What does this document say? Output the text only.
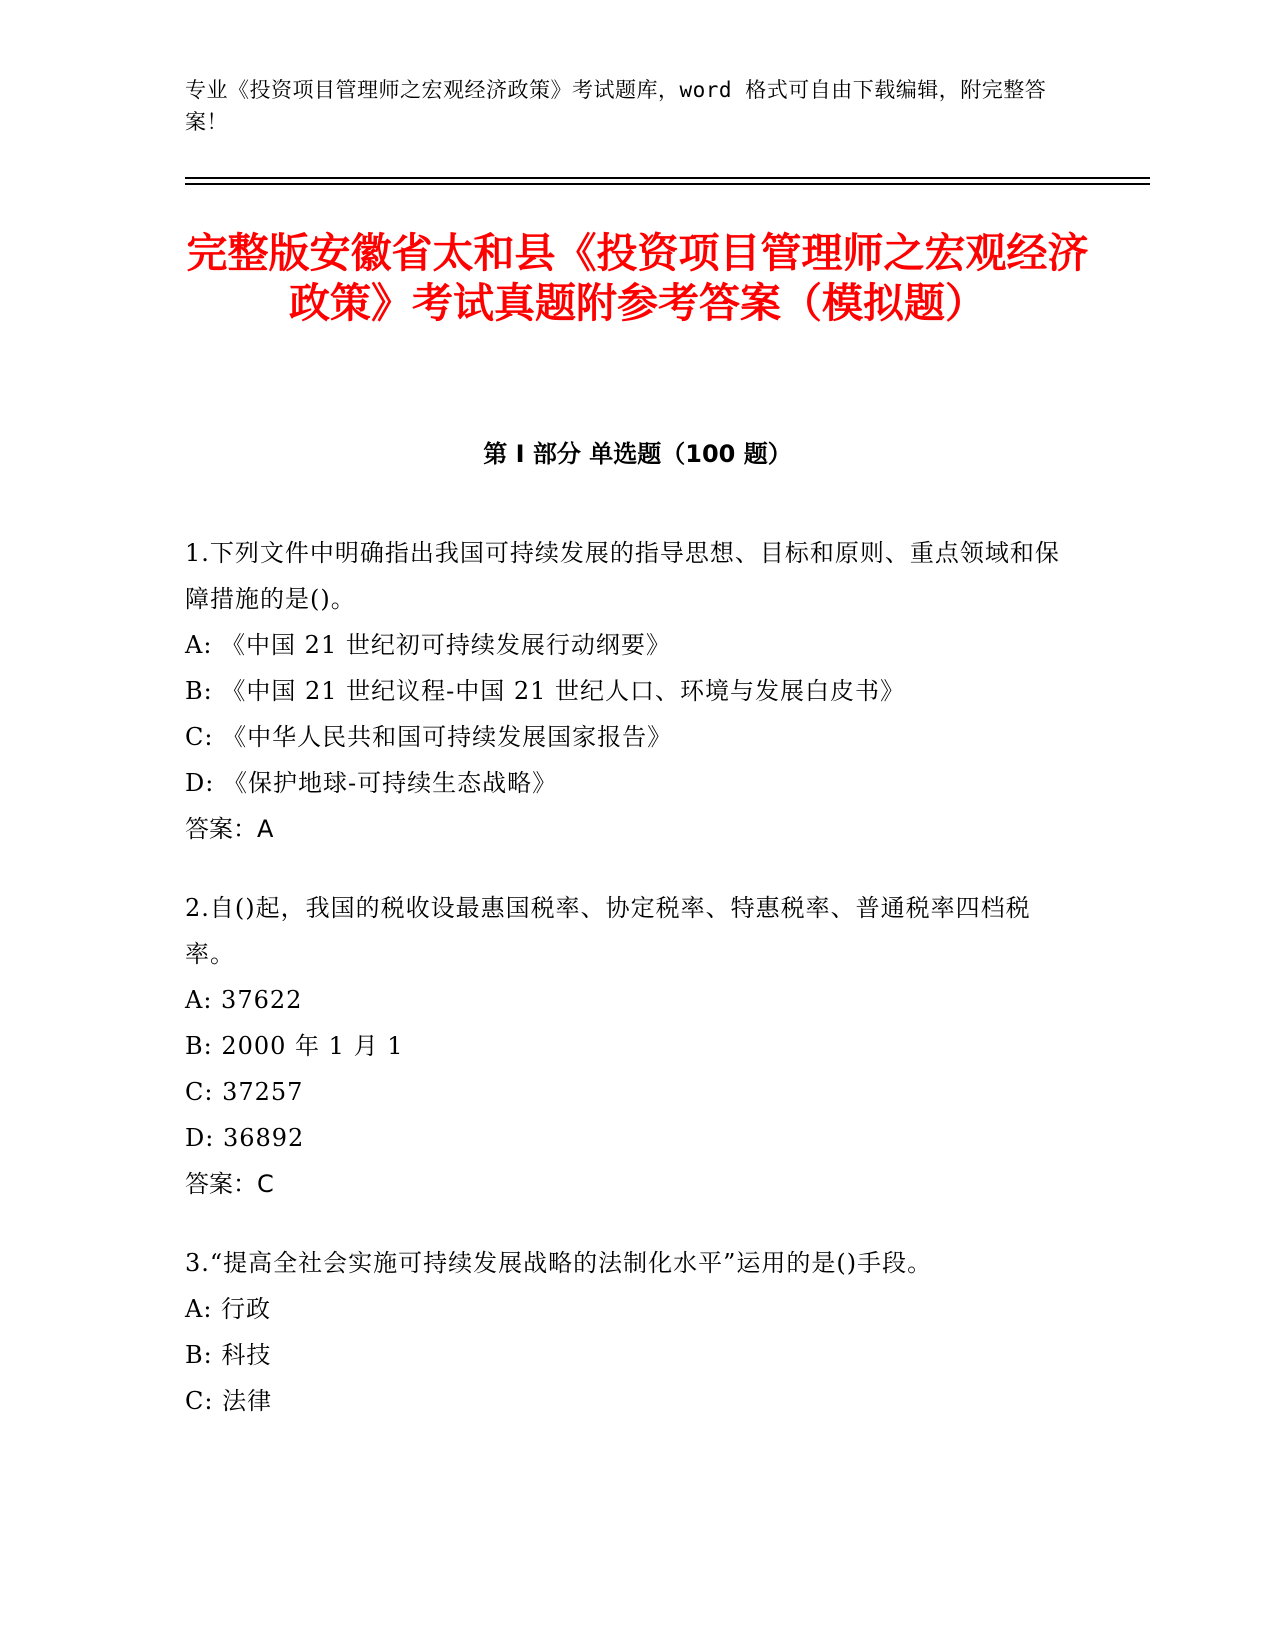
专业《投资项目管理师之宏观经济政策》考试题库，word 格式可自由下载编辑，附完整答案！
完整版安徽省太和县《投资项目管理师之宏观经济政策》考试真题附参考答案（模拟题）
第 I 部分 单选题（100 题）
1.下列文件中明确指出我国可持续发展的指导思想、目标和原则、重点领域和保障措施的是()。
A: 《中国 21 世纪初可持续发展行动纲要》
B: 《中国 21 世纪议程-中国 21 世纪人口、环境与发展白皮书》
C: 《中华人民共和国可持续发展国家报告》
D: 《保护地球-可持续生态战略》
答案：A
2.自()起，我国的税收设最惠国税率、协定税率、特惠税率、普通税率四档税率。
A: 37622
B: 2000 年 1 月 1
C: 37257
D: 36892
答案：C
3.“提高全社会实施可持续发展战略的法制化水平”运用的是()手段。
A: 行政
B: 科技
C: 法律
